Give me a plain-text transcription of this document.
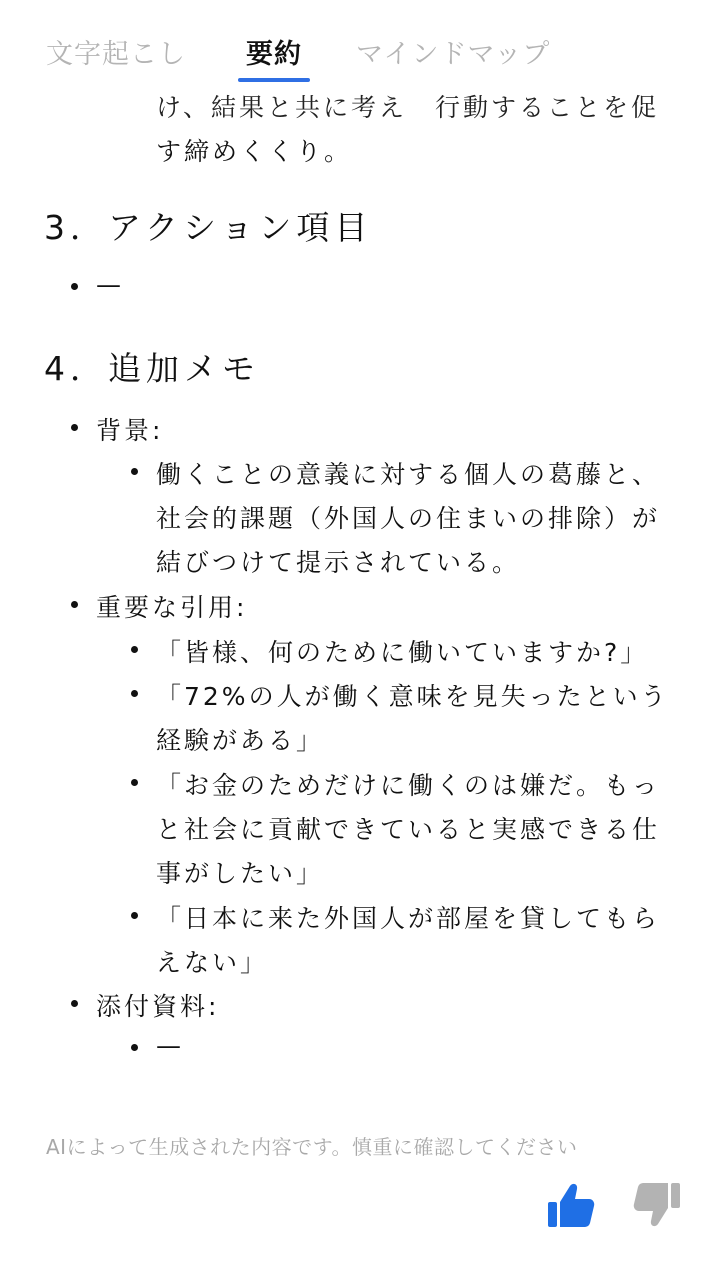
け、結果と共に考え　行動することを促
す締めくくり。
3．アクション項目
—
4．追加メモ
背景:
働くことの意義に対する個人の葛藤と、
社会的課題（外国人の住まいの排除）が
結びつけて提示されている。
重要な引用:
「皆様、何のために働いていますか?」
「72%の人が働く意味を見失ったという
経験がある」
「お金のためだけに働くのは嫌だ。もっ
と社会に貢献できていると実感できる仕
事がしたい」
「日本に来た外国人が部屋を貸してもら
えない」
添付資料:
—
文字起こし 要約 マインドマップ
AIによって生成された内容です。慎重に確認してください
